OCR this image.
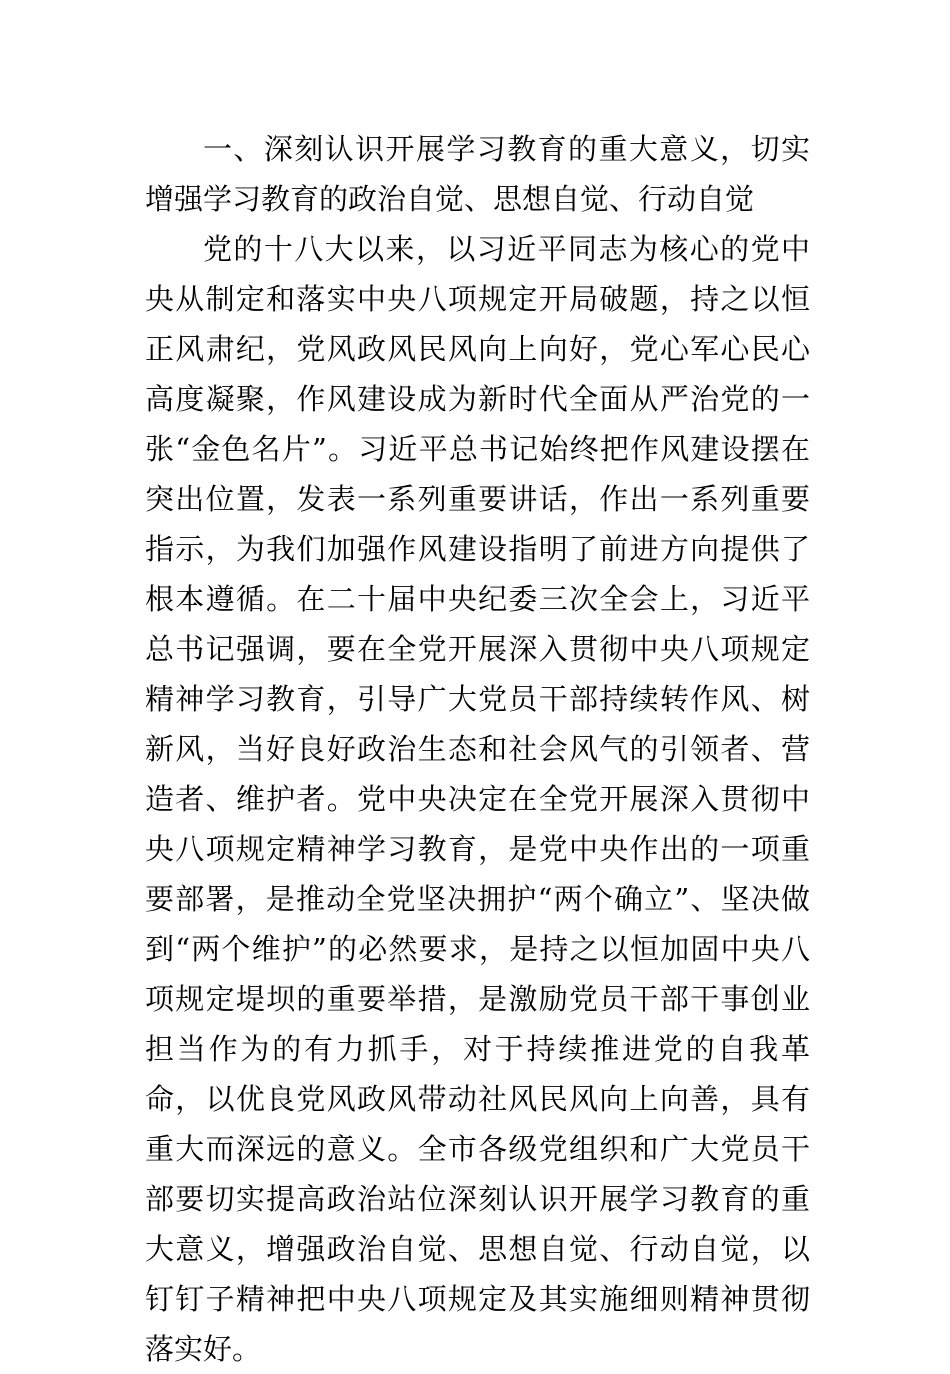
一、深刻认识开展学习教育的重大意义，切实增强学习教育的政治自觉、思想自觉、行动自觉

党的十八大以来，以习近平同志为核心的党中央从制定和落实中央八项规定开局破题，持之以恒正风肃纪，党风政风民风向上向好，党心军心民心高度凝聚，作风建设成为新时代全面从严治党的一张“金色名片”。习近平总书记始终把作风建设摆在突出位置，发表一系列重要讲话，作出一系列重要指示，为我们加强作风建设指明了前进方向提供了根本遵循。在二十届中央纪委三次全会上，习近平总书记强调，要在全党开展深入贯彻中央八项规定精神学习教育，引导广大党员干部持续转作风、树新风，当好良好政治生态和社会风气的引领者、营造者、维护者。党中央决定在全党开展深入贯彻中央八项规定精神学习教育，是党中央作出的一项重要部署，是推动全党坚决拥护“两个确立”、坚决做到“两个维护”的必然要求，是持之以恒加固中央八项规定堤坝的重要举措，是激励党员干部干事创业担当作为的有力抓手，对于持续推进党的自我革命，以优良党风政风带动社风民风向上向善，具有重大而深远的意义。全市各级党组织和广大党员干部要切实提高政治站位深刻认识开展学习教育的重大意义，增强政治自觉、思想自觉、行动自觉，以钉钉子精神把中央八项规定及其实施细则精神贯彻落实好。
